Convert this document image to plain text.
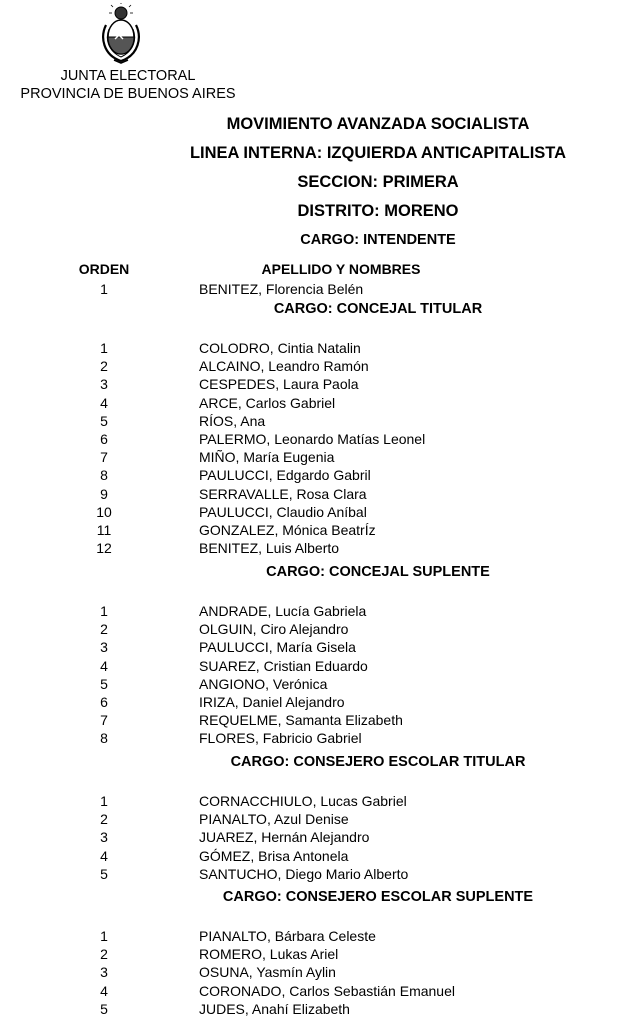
JUNTA ELECTORAL
PROVINCIA DE BUENOS AIRES
MOVIMIENTO AVANZADA SOCIALISTA
LINEA INTERNA: IZQUIERDA ANTICAPITALISTA
SECCION: PRIMERA
DISTRITO: MORENO
CARGO: INTENDENTE
ORDEN	APELLIDO Y NOMBRES
1	BENITEZ, Florencia Belén
CARGO: CONCEJAL TITULAR
1	COLODRO, Cintia Natalin
2	ALCAINO, Leandro Ramón
3	CESPEDES, Laura Paola
4	ARCE, Carlos Gabriel
5	RÍOS, Ana
6	PALERMO, Leonardo Matías Leonel
7	MIÑO, María Eugenia
8	PAULUCCI, Edgardo Gabril
9	SERRAVALLE, Rosa Clara
10	PAULUCCI, Claudio Aníbal
11	GONZALEZ, Mónica BeatrÍz
12	BENITEZ, Luis Alberto
CARGO: CONCEJAL SUPLENTE
1	ANDRADE, Lucía Gabriela
2	OLGUIN, Ciro Alejandro
3	PAULUCCI, María Gisela
4	SUAREZ, Cristian Eduardo
5	ANGIONO, Verónica
6	IRIZA, Daniel Alejandro
7	REQUELME, Samanta Elizabeth
8	FLORES, Fabricio Gabriel
CARGO: CONSEJERO ESCOLAR TITULAR
1	CORNACCHIULO, Lucas Gabriel
2	PIANALTO, Azul Denise
3	JUAREZ, Hernán Alejandro
4	GÓMEZ, Brisa Antonela
5	SANTUCHO, Diego Mario Alberto
CARGO: CONSEJERO ESCOLAR SUPLENTE
1	PIANALTO, Bárbara Celeste
2	ROMERO, Lukas Ariel
3	OSUNA, Yasmín Aylin
4	CORONADO, Carlos Sebastián Emanuel
5	JUDES, Anahí Elizabeth
